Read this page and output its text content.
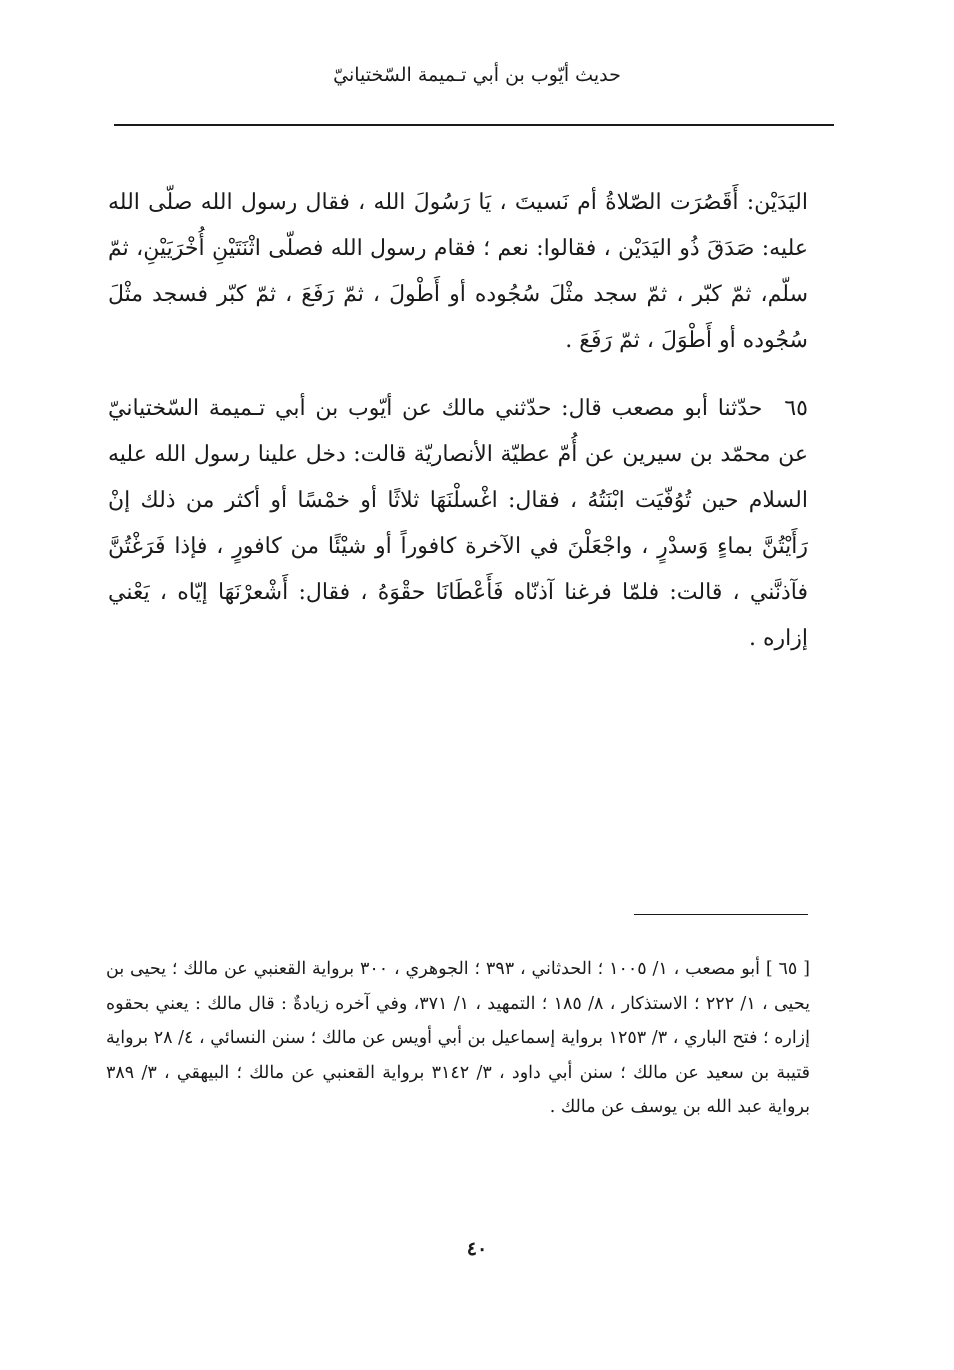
حديث أيّوب بن أبي تـميمة السّختيانيّ

اليَدَيْن: أَقَصُرَت الصّلاةُ أم نَسيتَ ، يَا رَسُولَ الله ، فقال رسول الله صلّى الله عليه: صَدَقَ ذُو اليَدَيْن ، فقالوا: نعم ؛ فقام رسول الله فصلّى اثْنَتَيْنِ أُخْرَيَيْنِ، ثمّ سلّم، ثمّ كبّر ، ثمّ سجد مثْلَ سُجُوده أو أَطْولَ ، ثمّ رَفَعَ ، ثمّ كبّر فسجد مثْلَ سُجُوده أو أَطْوَلَ ، ثمّ رَفَعَ .

٦٥حدّثنا أبو مصعب قال: حدّثني مالك عن أيّوب بن أبي تـميمة السّختيانيّ عن محمّد بن سيرين عن أُمّ عطيّة الأنصاريّة قالت: دخل علينا رسول الله عليه السلام حين تُوُفّيَت ابْنَتُهُ ، فقال: اغْسلْنَهَا ثلاثًا أو خمْسًا أو أكثر من ذلك إنْ رَأَيْتُنَّ بماءٍ وَسدْرٍ ، واجْعَلْنَ في الآخرة كافوراً أو شيْئًا من كافورٍ ، فإذا فَرَغْتُنَّ فآذنَّني ، قالت: فلمّا فرغنا آذنّاه فَأَعْطَانَا حقْوَهُ ، فقال: أَشْعرْنَهَا إيّاه ، يَعْني إزاره .

[ ٦٥ ] أبو مصعب ، ١/ ١٠٠٥ ؛ الحدثاني ، ٣٩٣ ؛ الجوهري ، ٣٠٠ برواية القعنبي عن مالك ؛ يحيى بن يحيى ، ١/ ٢٢٢ ؛ الاستذكار ، ٨/ ١٨٥ ؛ التمهيد ، ١/ ٣٧١، وفي آخره زيادةٌ : قال مالك : يعني بحقوه إزاره ؛ فتح الباري ، ٣/ ١٢٥٣ برواية إسماعيل بن أبي أويس عن مالك ؛ سنن النسائي ، ٤/ ٢٨ برواية قتيبة بن سعيد عن مالك ؛ سنن أبي داود ، ٣/ ٣١٤٢ برواية القعنبي عن مالك ؛ البيهقي ، ٣/ ٣٨٩ برواية عبد الله بن يوسف عن مالك .

٤٠
